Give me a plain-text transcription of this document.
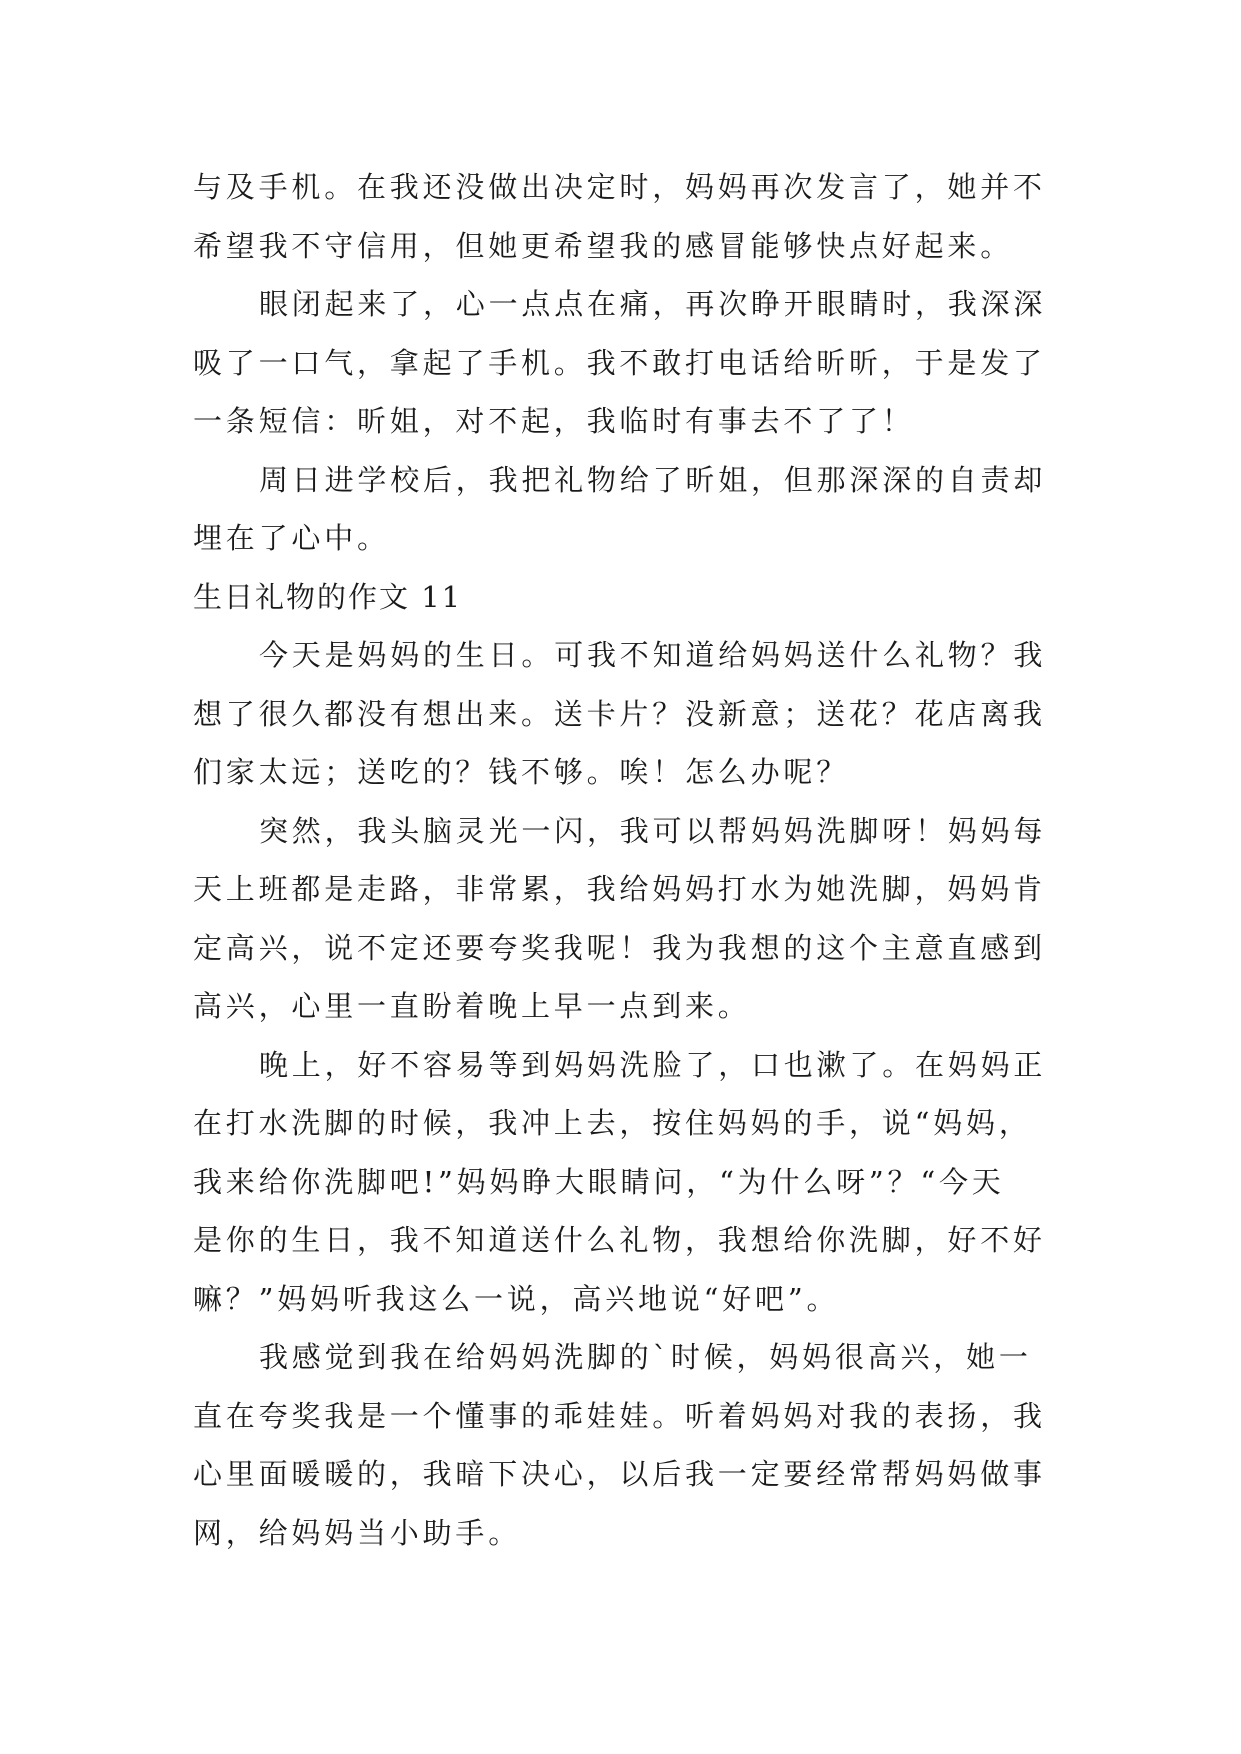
与及手机。在我还没做出决定时，妈妈再次发言了，她并不
希望我不守信用，但她更希望我的感冒能够快点好起来。

眼闭起来了，心一点点在痛，再次睁开眼睛时，我深深
吸了一口气，拿起了手机。我不敢打电话给昕昕，于是发了
一条短信：昕姐，对不起，我临时有事去不了了！

周日进学校后，我把礼物给了昕姐，但那深深的自责却
埋在了心中。

生日礼物的作文 11

今天是妈妈的生日。可我不知道给妈妈送什么礼物？我
想了很久都没有想出来。送卡片？没新意；送花？花店离我
们家太远；送吃的？钱不够。唉！怎么办呢？

突然，我头脑灵光一闪，我可以帮妈妈洗脚呀！妈妈每
天上班都是走路，非常累，我给妈妈打水为她洗脚，妈妈肯
定高兴，说不定还要夸奖我呢！我为我想的这个主意直感到
高兴，心里一直盼着晚上早一点到来。

晚上，好不容易等到妈妈洗脸了，口也漱了。在妈妈正
在打水洗脚的时候，我冲上去，按住妈妈的手，说“妈妈，
我来给你洗脚吧!”妈妈睁大眼睛问，“为什么呀”？“今天
是你的生日，我不知道送什么礼物，我想给你洗脚，好不好
嘛？”妈妈听我这么一说，高兴地说“好吧”。

我感觉到我在给妈妈洗脚的`时候，妈妈很高兴，她一
直在夸奖我是一个懂事的乖娃娃。听着妈妈对我的表扬，我
心里面暖暖的，我暗下决心，以后我一定要经常帮妈妈做事
网，给妈妈当小助手。
